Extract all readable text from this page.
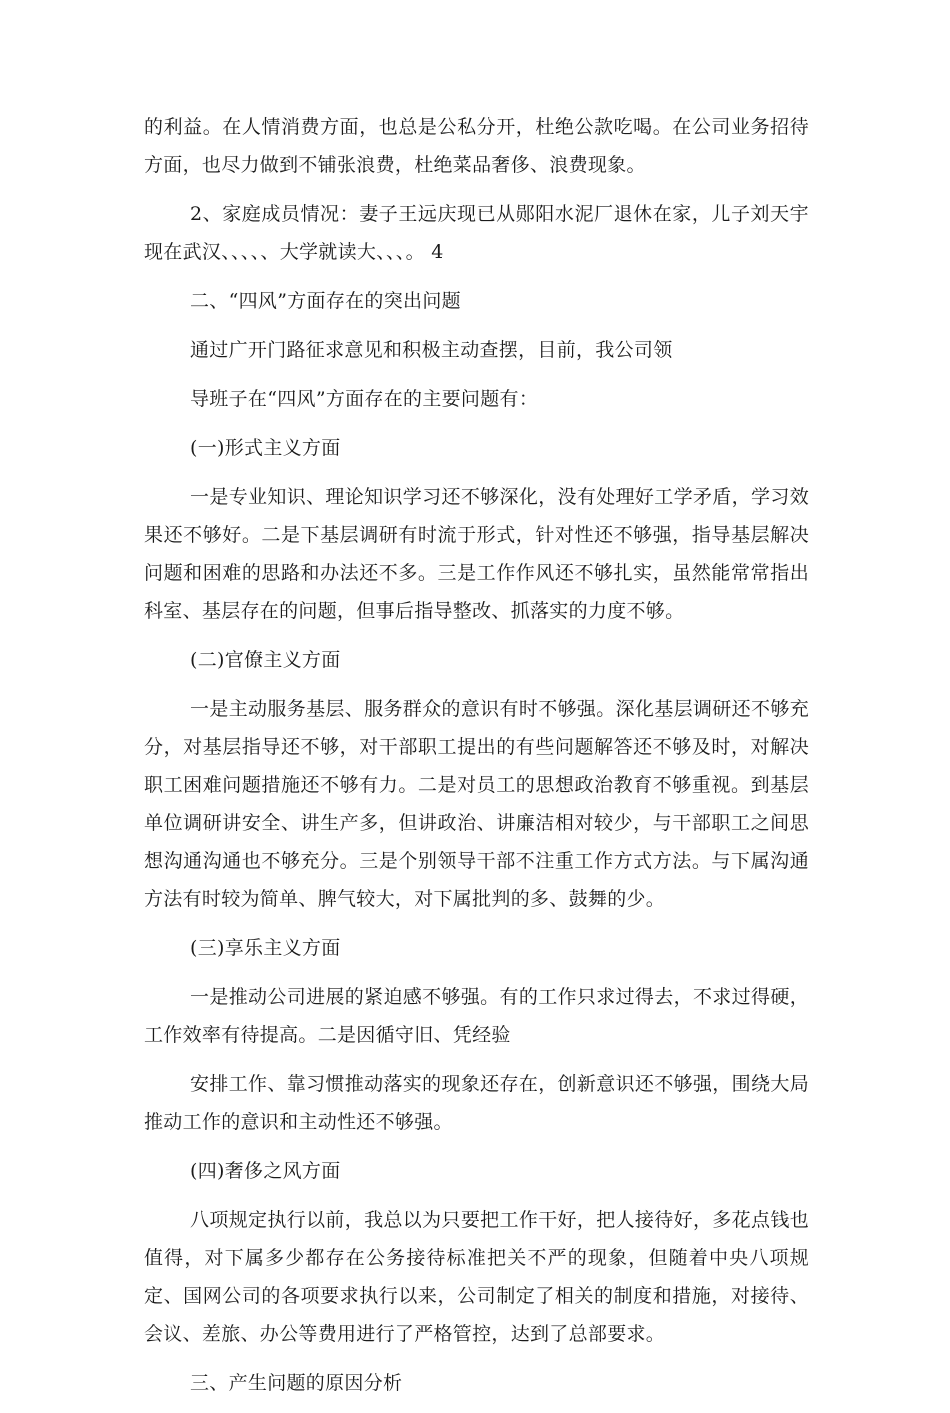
的利益。在人情消费方面，也总是公私分开，杜绝公款吃喝。在公司业务招待方面，也尽力做到不铺张浪费，杜绝菜品奢侈、浪费现象。

2、家庭成员情况：妻子王远庆现已从郧阳水泥厂退休在家，儿子刘天宇现在武汉、、、、、大学就读大、、、。 4

二、“四风”方面存在的突出问题

通过广开门路征求意见和积极主动查摆，目前，我公司领

导班子在“四风”方面存在的主要问题有：

(一)形式主义方面

一是专业知识、理论知识学习还不够深化，没有处理好工学矛盾，学习效果还不够好。二是下基层调研有时流于形式，针对性还不够强，指导基层解决问题和困难的思路和办法还不多。三是工作作风还不够扎实，虽然能常常指出科室、基层存在的问题，但事后指导整改、抓落实的力度不够。

(二)官僚主义方面

一是主动服务基层、服务群众的意识有时不够强。深化基层调研还不够充分，对基层指导还不够，对干部职工提出的有些问题解答还不够及时，对解决职工困难问题措施还不够有力。二是对员工的思想政治教育不够重视。到基层单位调研讲安全、讲生产多，但讲政治、讲廉洁相对较少，与干部职工之间思想沟通沟通也不够充分。三是个别领导干部不注重工作方式方法。与下属沟通方法有时较为简单、脾气较大，对下属批判的多、鼓舞的少。

(三)享乐主义方面

一是推动公司进展的紧迫感不够强。有的工作只求过得去，不求过得硬，工作效率有待提高。二是因循守旧、凭经验

安排工作、靠习惯推动落实的现象还存在，创新意识还不够强，围绕大局推动工作的意识和主动性还不够强。

(四)奢侈之风方面

八项规定执行以前，我总以为只要把工作干好，把人接待好，多花点钱也值得，对下属多少都存在公务接待标准把关不严的现象，但随着中央八项规定、国网公司的各项要求执行以来，公司制定了相关的制度和措施，对接待、会议、差旅、办公等费用进行了严格管控，达到了总部要求。

三、产生问题的原因分析
